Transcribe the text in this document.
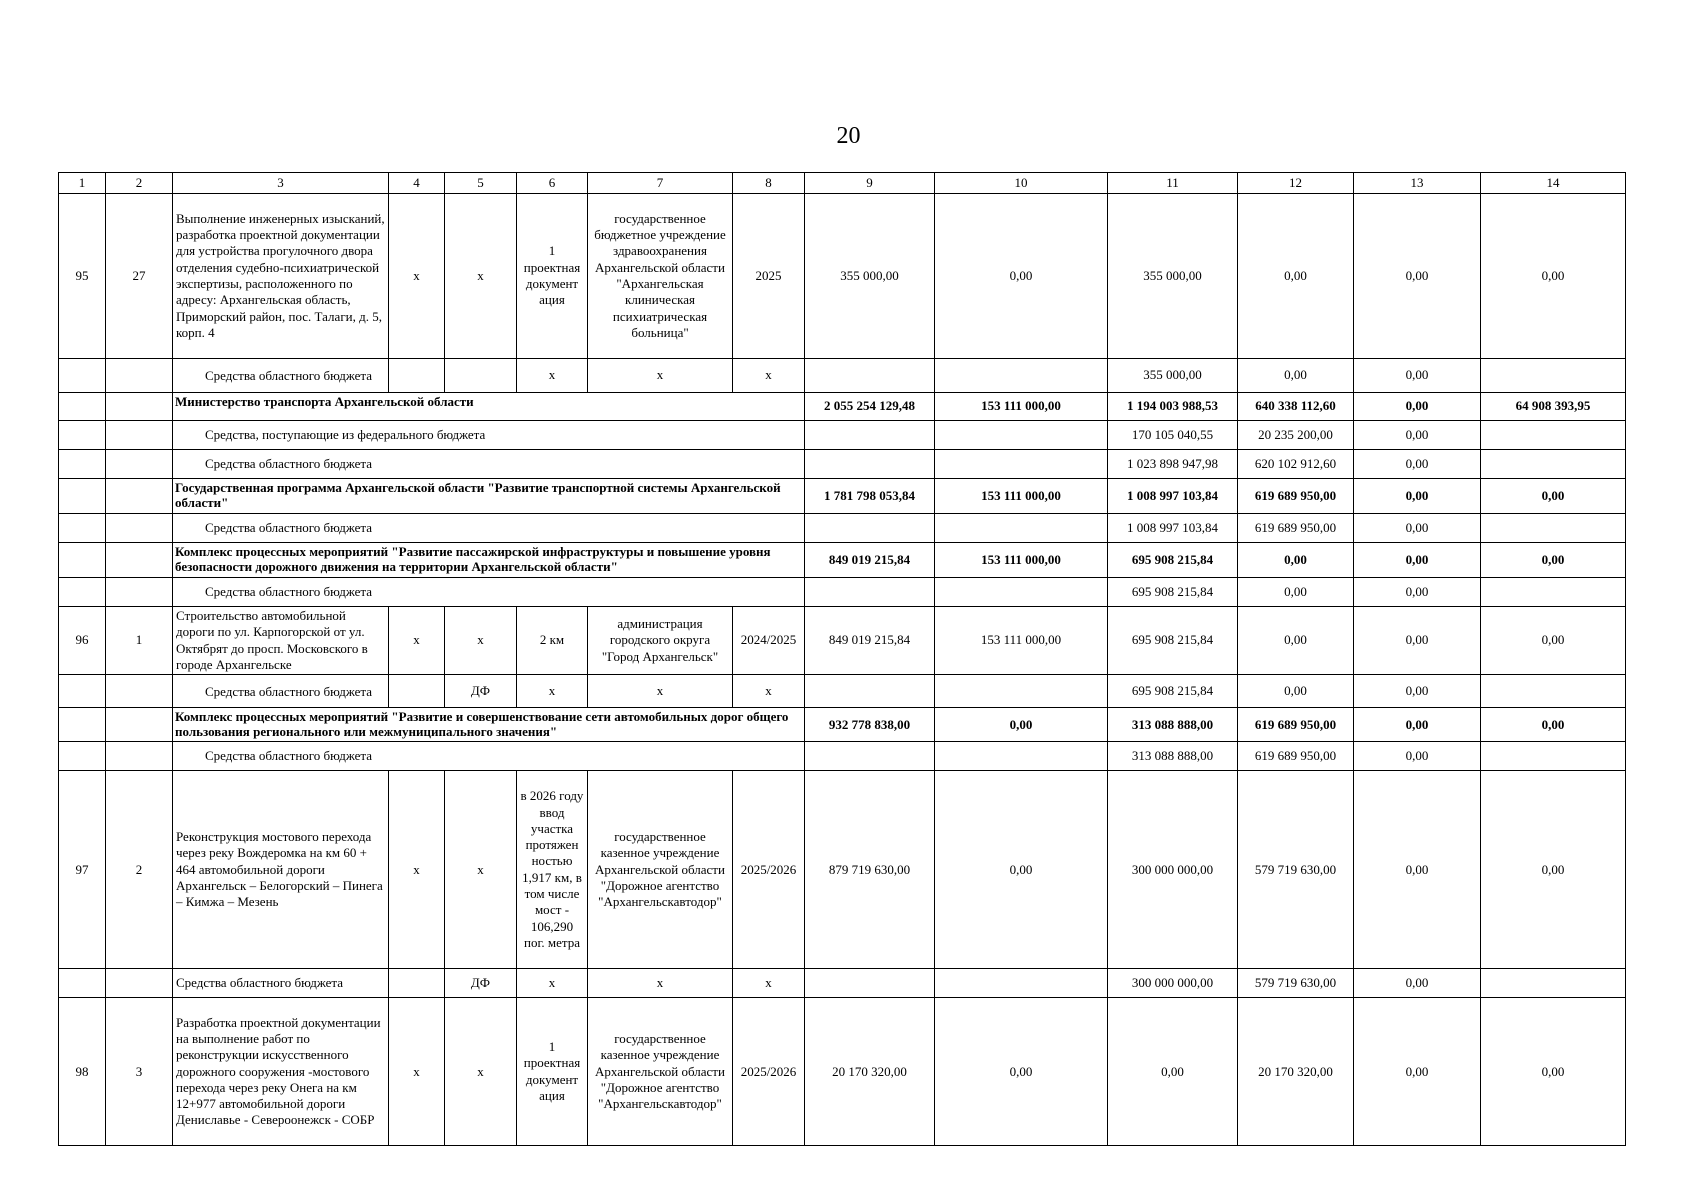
20
1	2	3	4	5	6	7	8	9	10	11	12	13	14
95	27	Выполнение инженерных изысканий, разработка проектной документации для устройства прогулочного двора отделения судебно-психиатрической экспертизы, расположенного по адресу: Архангельская область, Приморский район, пос. Талаги, д. 5, корп. 4	х	х	1 проектная документ ация	государственное бюджетное учреждение здравоохранения Архангельской области "Архангельская клиническая психиатрическая больница"	2025	355 000,00	0,00	355 000,00	0,00	0,00	0,00
		Средства областного бюджета			х	х	х			355 000,00	0,00	0,00	
		Министерство транспорта Архангельской области						2 055 254 129,48	153 111 000,00	1 194 003 988,53	640 338 112,60	0,00	64 908 393,95
		Средства, поступающие из федерального бюджета								170 105 040,55	20 235 200,00	0,00	
		Средства областного бюджета								1 023 898 947,98	620 102 912,60	0,00	
		Государственная программа Архангельской области "Развитие транспортной системы Архангельской области"						1 781 798 053,84	153 111 000,00	1 008 997 103,84	619 689 950,00	0,00	0,00
		Средства областного бюджета								1 008 997 103,84	619 689 950,00	0,00	
		Комплекс процессных мероприятий "Развитие пассажирской инфраструктуры и повышение уровня безопасности дорожного движения на территории Архангельской области"						849 019 215,84	153 111 000,00	695 908 215,84	0,00	0,00	0,00
		Средства областного бюджета								695 908 215,84	0,00	0,00	
96	1	Строительство автомобильной дороги по ул. Карпогорской от ул. Октябрят до просп. Московского в городе Архангельске	х	х	2 км	администрация городского округа "Город Архангельск"	2024/2025	849 019 215,84	153 111 000,00	695 908 215,84	0,00	0,00	0,00
		Средства областного бюджета		ДФ	х	х	х			695 908 215,84	0,00	0,00	
		Комплекс процессных мероприятий "Развитие и совершенствование сети автомобильных дорог общего пользования регионального или межмуниципального значения"						932 778 838,00	0,00	313 088 888,00	619 689 950,00	0,00	0,00
		Средства областного бюджета								313 088 888,00	619 689 950,00	0,00	
97	2	Реконструкция мостового перехода через реку Вождеромка на км 60 + 464 автомобильной дороги Архангельск – Белогорский – Пинега – Кимжа – Мезень	х	х	в 2026 году ввод участка протяжен ностью 1,917 км, в том числе мост - 106,290 пог. метра	государственное казенное учреждение Архангельской области "Дорожное агентство "Архангельскавтодор"	2025/2026	879 719 630,00	0,00	300 000 000,00	579 719 630,00	0,00	0,00
		Средства областного бюджета		ДФ	х	х	х			300 000 000,00	579 719 630,00	0,00	
98	3	Разработка проектной документации на выполнение работ по реконструкции искусственного дорожного сооружения -мостового перехода через реку Онега на км 12+977 автомобильной дороги Дениславье - Североонежск - СОБР	х	х	1 проектная документ ация	государственное казенное учреждение Архангельской области "Дорожное агентство "Архангельскавтодор"	2025/2026	20 170 320,00	0,00	0,00	20 170 320,00	0,00	0,00
